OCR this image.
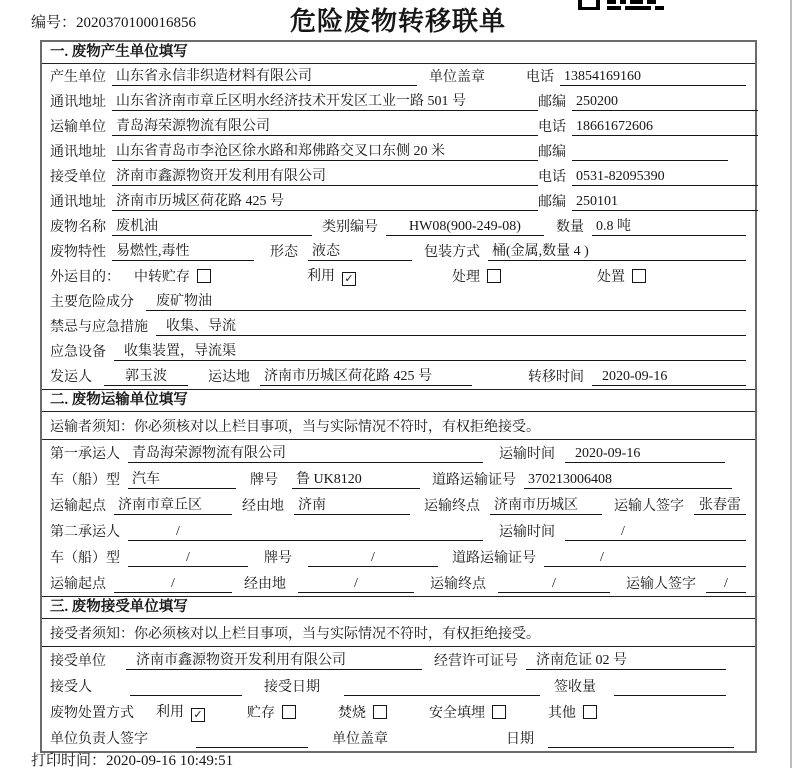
编号：2020370100016856	危险废物转移联单
一. 废物产生单位填写
产生单位 山东省永信非织造材料有限公司	单位盖章	电话 13854169160
通讯地址 山东省济南市章丘区明水经济技术开发区工业一路 501 号	邮编 250200
运输单位 青岛海荣源物流有限公司	电话 18661672606
通讯地址 山东省青岛市李沧区徐水路和郑佛路交叉口东侧 20 米	邮编
接受单位 济南市鑫源物资开发利用有限公司	电话 0531-82095390
通讯地址 济南市历城区荷花路 425 号	邮编 250101
废物名称 废机油	类别编号	HW08(900-249-08)	数量 0.8 吨
废物特性 易燃性,毒性	形态 液态	包装方式 桶(金属,数量 4 )
外运目的： 中转贮存	利用 ✓	处理	处置
主要危险成分	废矿物油
禁忌与应急措施	收集、导流
应急设备	收集装置，导流渠
发运人	郭玉波	运达地 济南市历城区荷花路 425 号	转移时间	2020-09-16
二. 废物运输单位填写
运输者须知：你必须核对以上栏目事项，当与实际情况不符时，有权拒绝接受。
第一承运人 青岛海荣源物流有限公司	运输时间	2020-09-16
车（船）型 汽车	牌号 鲁 UK8120	道路运输证号 370213006408
运输起点 济南市章丘区	经由地 济南	运输终点 济南市历城区	运输人签字	张春雷
第二承运人	/	运输时间	/
车（船）型	/	牌号	/	道路运输证号	/
运输起点	/	经由地	/	运输终点	/	运输人签字	/
三. 废物接受单位填写
接受者须知：你必须核对以上栏目事项，当与实际情况不符时，有权拒绝接受。
接受单位	济南市鑫源物资开发利用有限公司	经营许可证号	济南危证 02 号
接受人	接受日期	签收量
废物处置方式 利用 ✓	贮存	焚烧	安全填埋	其他
单位负责人签字	单位盖章	日期
打印时间：2020-09-16 10:49:51
